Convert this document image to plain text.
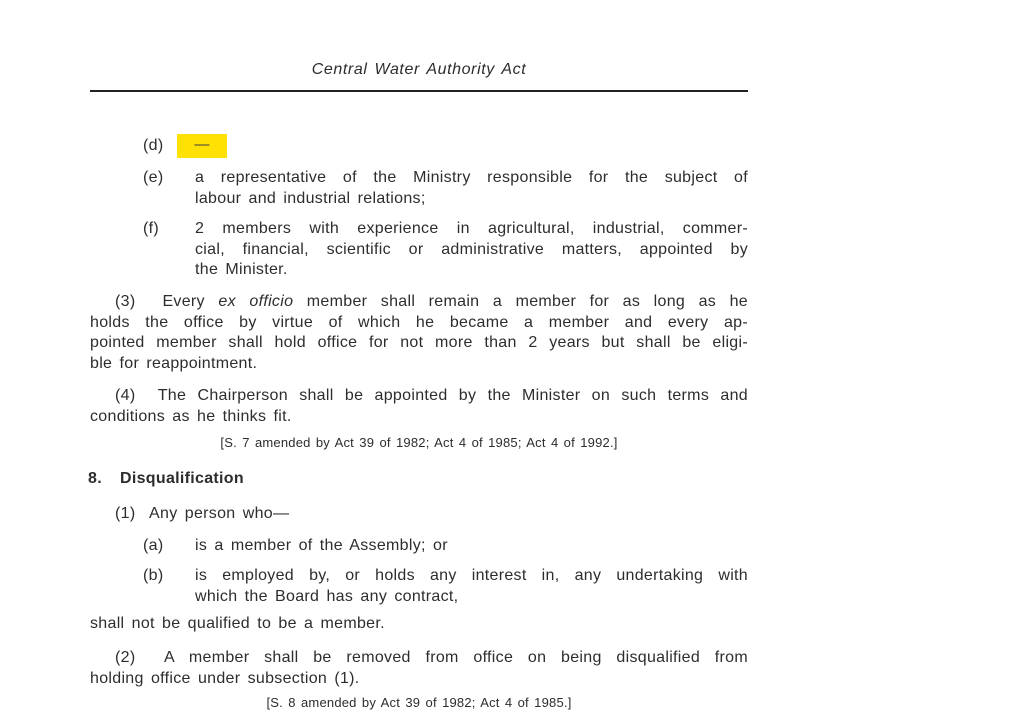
Central Water Authority Act
(d)	—
(e) a representative of the Ministry responsible for the subject of
labour and industrial relations;
(f) 2 members with experience in agricultural, industrial, commer-
cial, financial, scientific or administrative matters, appointed by
the Minister.
(3)  Every ex officio member shall remain a member for as long as he
holds the office by virtue of which he became a member and every ap-
pointed member shall hold office for not more than 2 years but shall be eligi-
ble for reappointment.
(4)  The Chairperson shall be appointed by the Minister on such terms and
conditions as he thinks fit.
[S. 7 amended by Act 39 of 1982; Act 4 of 1985; Act 4 of 1992.]
8. Disqualification
(1)  Any person who—
(a) is a member of the Assembly; or
(b) is employed by, or holds any interest in, any undertaking with
which the Board has any contract,
shall not be qualified to be a member.
(2)  A member shall be removed from office on being disqualified from
holding office under subsection (1).
[S. 8 amended by Act 39 of 1982; Act 4 of 1985.]
